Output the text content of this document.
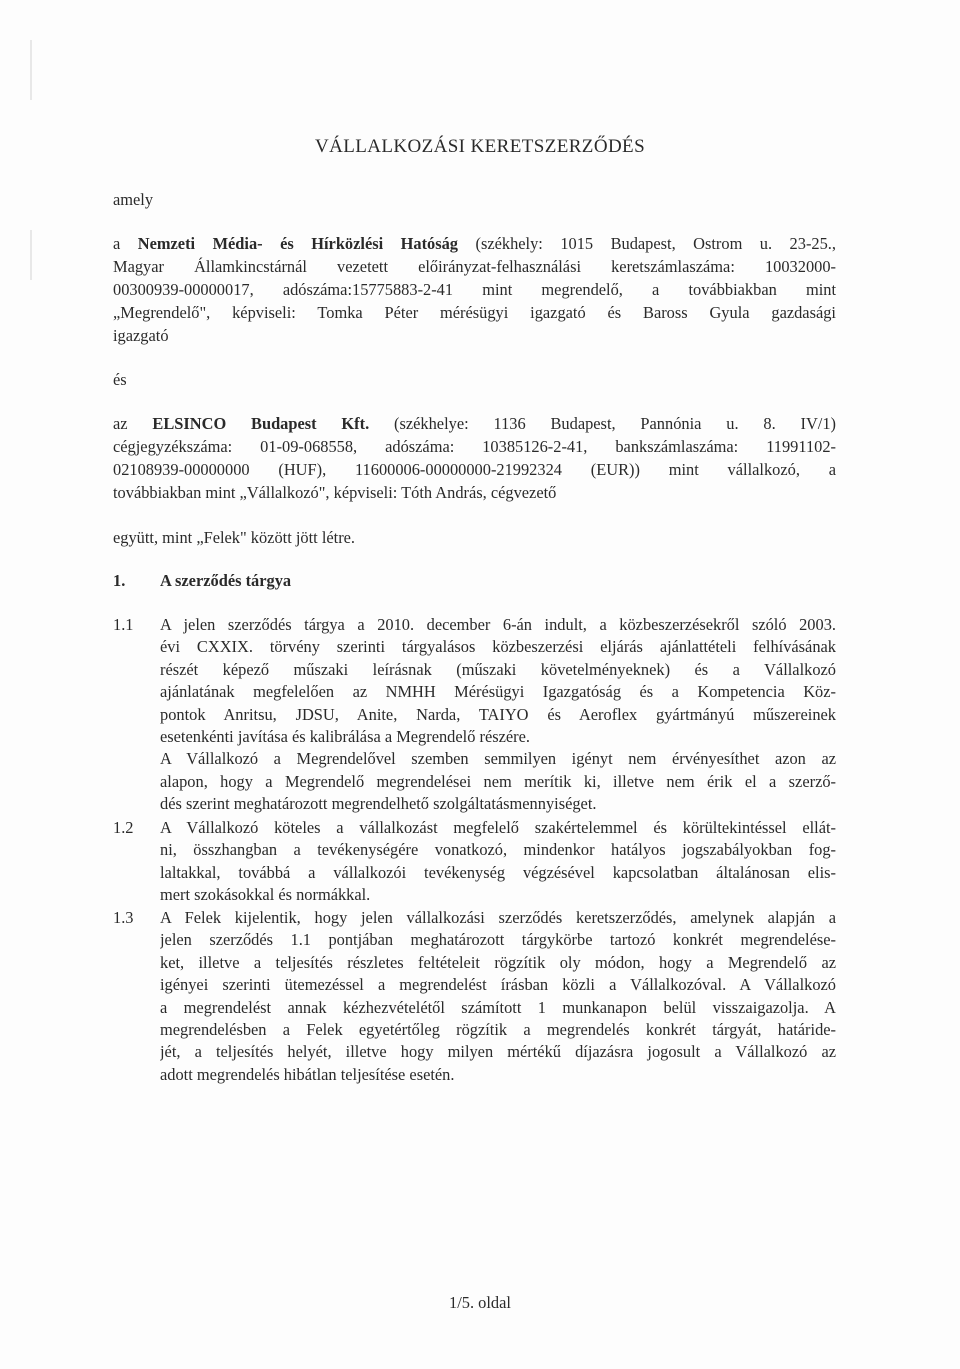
VÁLLALKOZÁSI KERETSZERZŐDÉS
amely
a Nemzeti Média- és Hírközlési Hatóság (székhely: 1015 Budapest, Ostrom u. 23-25.,
Magyar Államkincstárnál vezetett előirányzat-felhasználási keretszámlaszáma: 10032000-
00300939-00000017, adószáma:15775883-2-41 mint megrendelő, a továbbiakban mint
„Megrendelő", képviseli: Tomka Péter mérésügyi igazgató és Baross Gyula gazdasági
igazgató
és
az ELSINCO Budapest Kft. (székhelye: 1136 Budapest, Pannónia u. 8. IV/1)
cégjegyzékszáma: 01-09-068558, adószáma: 10385126-2-41, bankszámlaszáma: 11991102-
02108939-00000000 (HUF), 11600006-00000000-21992324 (EUR)) mint vállalkozó, a
továbbiakban mint „Vállalkozó", képviseli: Tóth András, cégvezető
együtt, mint „Felek" között jött létre.
1. A szerződés tárgya
1.1 A jelen szerződés tárgya a 2010. december 6-án indult, a közbeszerzésekről szóló 2003.
évi CXXIX. törvény szerinti tárgyalásos közbeszerzési eljárás ajánlattételi felhívásának
részét képező műszaki leírásnak (műszaki követelményeknek) és a Vállalkozó
ajánlatának megfelelően az NMHH Mérésügyi Igazgatóság és a Kompetencia Köz-
pontok Anritsu, JDSU, Anite, Narda, TAIYO és Aeroflex gyártmányú műszereinek
esetenkénti javítása és kalibrálása a Megrendelő részére.
A Vállalkozó a Megrendelővel szemben semmilyen igényt nem érvényesíthet azon az
alapon, hogy a Megrendelő megrendelései nem merítik ki, illetve nem érik el a szerző-
dés szerint meghatározott megrendelhető szolgáltatásmennyiséget.
1.2 A Vállalkozó köteles a vállalkozást megfelelő szakértelemmel és körültekintéssel ellát-
ni, összhangban a tevékenységére vonatkozó, mindenkor hatályos jogszabályokban fog-
laltakkal, továbbá a vállalkozói tevékenység végzésével kapcsolatban általánosan elis-
mert szokásokkal és normákkal.
1.3 A Felek kijelentik, hogy jelen vállalkozási szerződés keretszerződés, amelynek alapján a
jelen szerződés 1.1 pontjában meghatározott tárgykörbe tartozó konkrét megrendelése-
ket, illetve a teljesítés részletes feltételeit rögzítik oly módon, hogy a Megrendelő az
igényei szerinti ütemezéssel a megrendelést írásban közli a Vállalkozóval. A Vállalkozó
a megrendelést annak kézhezvételétől számított 1 munkanapon belül visszaigazolja. A
megrendelésben a Felek egyetértőleg rögzítik a megrendelés konkrét tárgyát, határide-
jét, a teljesítés helyét, illetve hogy milyen mértékű díjazásra jogosult a Vállalkozó az
adott megrendelés hibátlan teljesítése esetén.
1/5. oldal
